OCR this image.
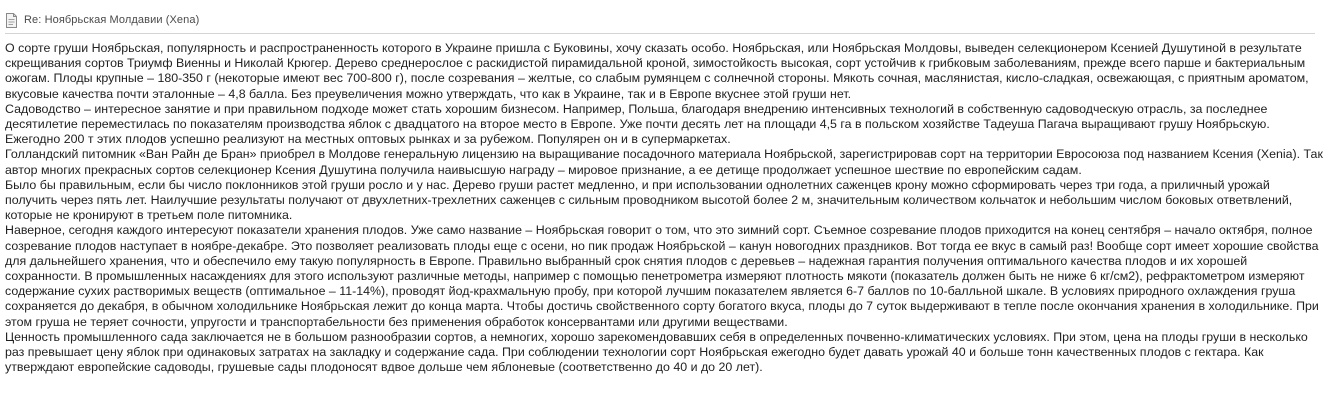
Re: Ноябрьская Молдавии (Xena)

О сорте груши Ноябрьская, популярность и распространенность которого в Украине пришла с Буковины, хочу сказать особо. Ноябрьская, или Ноябрьская Молдовы, выведен селекционером Ксенией Душутиной в результате скрещивания сортов Триумф Виенны и Николай Крюгер. Дерево среднерослое с раскидистой пирамидальной кроной, зимостойкость высокая, сорт устойчив к грибковым заболеваниям, прежде всего парше и бактериальным ожогам. Плоды крупные – 180-350 г (некоторые имеют вес 700-800 г), после созревания – желтые, со слабым румянцем с солнечной стороны. Мякоть сочная, маслянистая, кисло-сладкая, освежающая, с приятным ароматом, вкусовые качества почти эталонные – 4,8 балла. Без преувеличения можно утверждать, что как в Украине, так и в Европе вкуснее этой груши нет.

Садоводство – интересное занятие и при правильном подходе может стать хорошим бизнесом. Например, Польша, благодаря внедрению интенсивных технологий в собственную садоводческую отрасль, за последнее десятилетие переместилась по показателям производства яблок с двадцатого на второе место в Европе. Уже почти десять лет на площади 4,5 га в польском хозяйстве Тадеуша Пагача выращивают грушу Ноябрьскую. Ежегодно 200 т этих плодов успешно реализуют на местных оптовых рынках и за рубежом. Популярен он и в супермаркетах.

Голландский питомник «Ван Райн де Бран» приобрел в Молдове генеральную лицензию на выращивание посадочного материала Ноябрьской, зарегистрировав сорт на территории Евросоюза под названием Ксения (Xenia). Так автор многих прекрасных сортов селекционер Ксения Душутина получила наивысшую награду – мировое признание, а ее детище продолжает успешное шествие по европейским садам.

Было бы правильным, если бы число поклонников этой груши росло и у нас. Дерево груши растет медленно, и при использовании однолетних саженцев крону можно сформировать через три года, а приличный урожай получить через пять лет. Наилучшие результаты получают от двухлетних-трехлетних саженцев с сильным проводником высотой более 2 м, значительным количеством кольчаток и небольшим числом боковых ответвлений, которые не кронируют в третьем поле питомника.

Наверное, сегодня каждого интересуют показатели хранения плодов. Уже само название – Ноябрьская говорит о том, что это зимний сорт. Съемное созревание плодов приходится на конец сентября – начало октября, полное созревание плодов наступает в ноябре-декабре. Это позволяет реализовать плоды еще с осени, но пик продаж Ноябрьской – канун новогодних праздников. Вот тогда ее вкус в самый раз! Вообще сорт имеет хорошие свойства для дальнейшего хранения, что и обеспечило ему такую популярность в Европе. Правильно выбранный срок снятия плодов с деревьев – надежная гарантия получения оптимального качества плодов и их хорошей сохранности. В промышленных насаждениях для этого используют различные методы, например с помощью пенетрометра измеряют плотность мякоти (показатель должен быть не ниже 6 кг/см2), рефрактометром измеряют содержание сухих растворимых веществ (оптимальное – 11-14%), проводят йод-крахмальную пробу, при которой лучшим показателем является 6-7 баллов по 10-балльной шкале. В условиях природного охлаждения груша сохраняется до декабря, в обычном холодильнике Ноябрьская лежит до конца марта. Чтобы достичь свойственного сорту богатого вкуса, плоды до 7 суток выдерживают в тепле после окончания хранения в холодильнике. При этом груша не теряет сочности, упругости и транспортабельности без применения обработок консервантами или другими веществами.

Ценность промышленного сада заключается не в большом разнообразии сортов, а немногих, хорошо зарекомендовавших себя в определенных почвенно-климатических условиях. При этом, цена на плоды груши в несколько раз превышает цену яблок при одинаковых затратах на закладку и содержание сада. При соблюдении технологии сорт Ноябрьская ежегодно будет давать урожай 40 и больше тонн качественных плодов с гектара. Как утверждают европейские садоводы, грушевые сады плодоносят вдвое дольше чем яблоневые (соответственно до 40 и до 20 лет).
